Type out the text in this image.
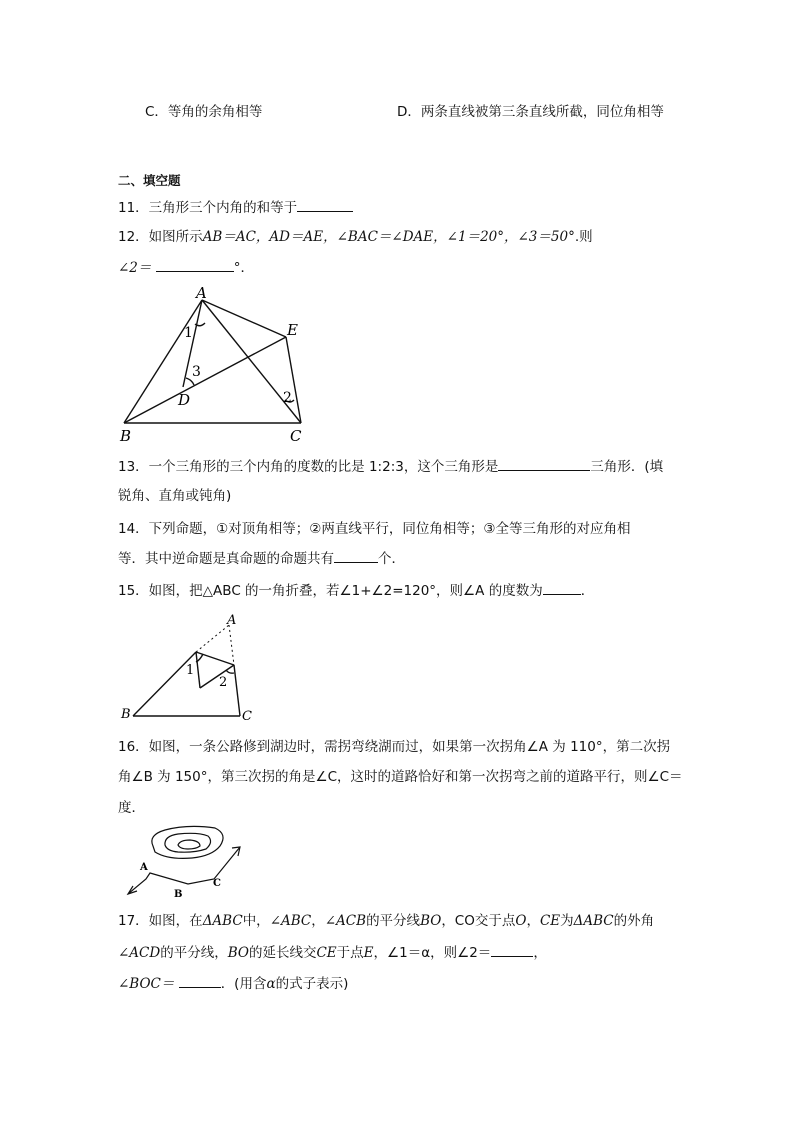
C．等角的余角相等	D．两条直线被第三条直线所截，同位角相等
二、填空题
11．三角形三个内角的和等于
12．如图所示AB＝AC，AD＝AE，∠BAC＝∠DAE，∠1＝20°，∠3＝50°.则
∠2＝	°．
A
B	C
D
E
1
2
3
13．一个三角形的三个内角的度数的比是 1:2:3，这个三角形是	三角形．(填
锐角、直角或钝角)
14．下列命题，①对顶角相等；②两直线平行，同位角相等；③全等三角形的对应角相
等．其中逆命题是真命题的命题共有	个．
15．如图，把△ABC 的一角折叠，若∠1+∠2=120°，则∠A 的度数为	．
A
B	C
1
2
16．如图，一条公路修到湖边时，需拐弯绕湖而过，如果第一次拐角∠A 为 110°，第二次拐
角∠B 为 150°，第三次拐的角是∠C，这时的道路恰好和第一次拐弯之前的道路平行，则∠C＝
度．
A
B
C
17．如图，在ΔABC中，∠ABC，∠ACB的平分线BO，CO交于点O，CE为ΔABC的外角
∠ACD的平分线，BO的延长线交CE于点E，∠1＝α，则∠2＝	，
∠BOC＝	．(用含α的式子表示)
